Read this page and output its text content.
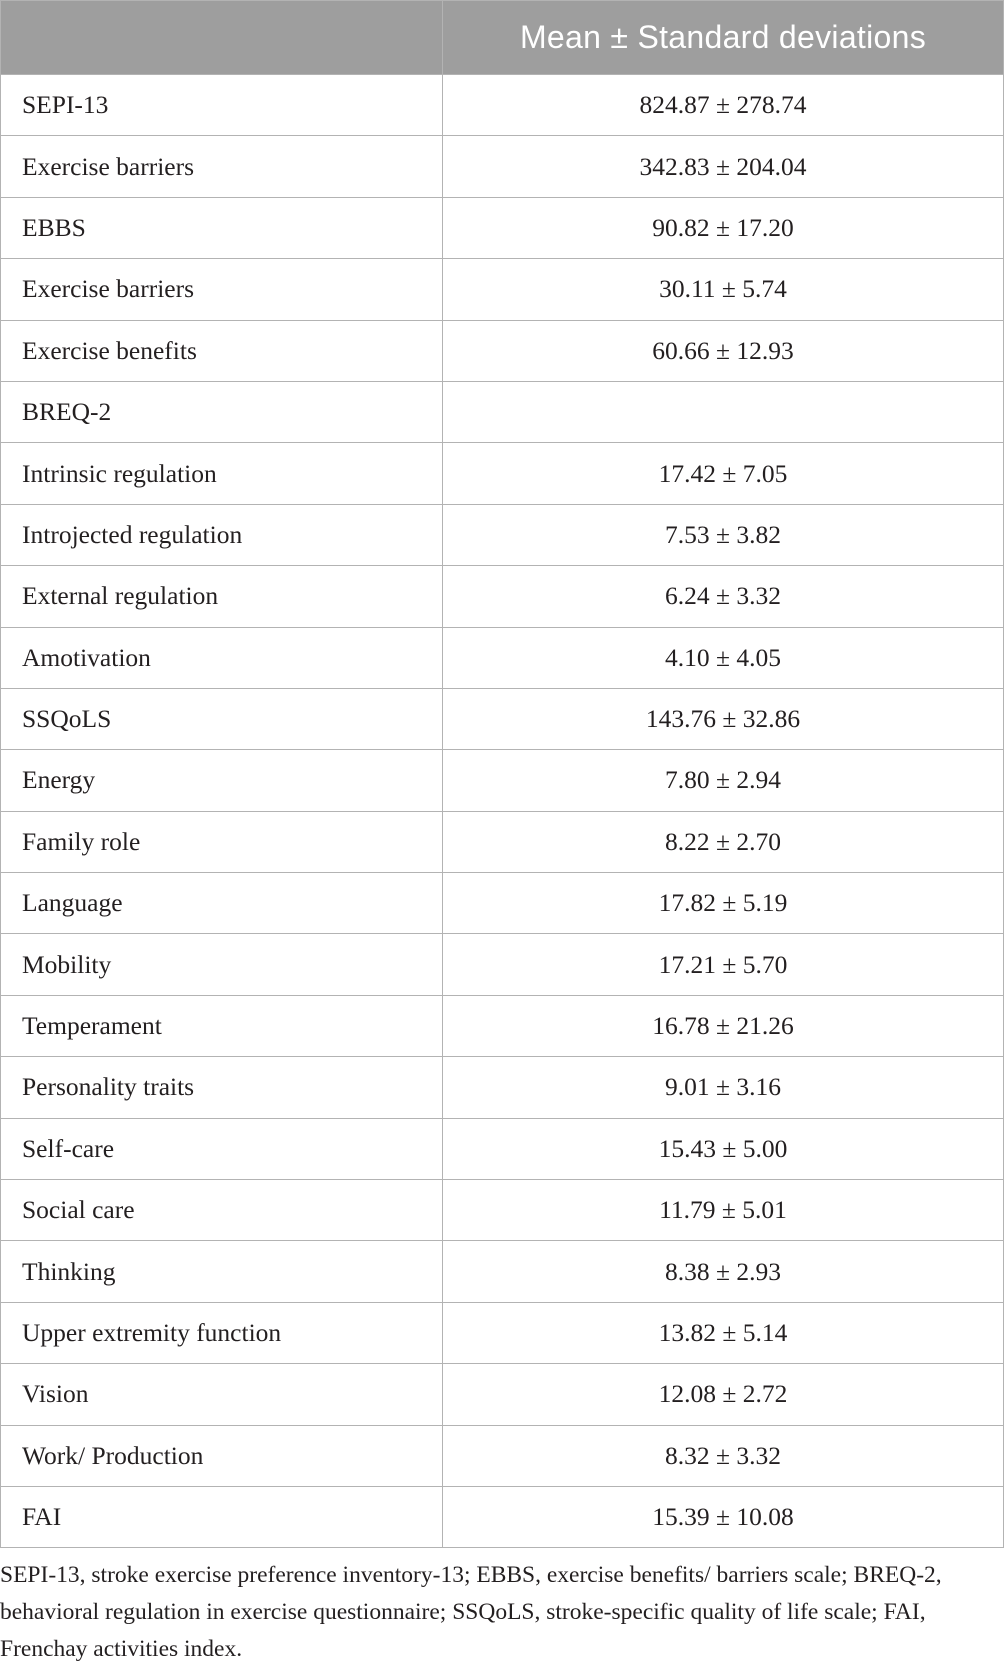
	Mean ± Standard deviations
SEPI-13	824.87 ± 278.74
Exercise barriers	342.83 ± 204.04
EBBS	90.82 ± 17.20
Exercise barriers	30.11 ± 5.74
Exercise benefits	60.66 ± 12.93
BREQ-2	
Intrinsic regulation	17.42 ± 7.05
Introjected regulation	7.53 ± 3.82
External regulation	6.24 ± 3.32
Amotivation	4.10 ± 4.05
SSQoLS	143.76 ± 32.86
Energy	7.80 ± 2.94
Family role	8.22 ± 2.70
Language	17.82 ± 5.19
Mobility	17.21 ± 5.70
Temperament	16.78 ± 21.26
Personality traits	9.01 ± 3.16
Self-care	15.43 ± 5.00
Social care	11.79 ± 5.01
Thinking	8.38 ± 2.93
Upper extremity function	13.82 ± 5.14
Vision	12.08 ± 2.72
Work/ Production	8.32 ± 3.32
FAI	15.39 ± 10.08
SEPI-13, stroke exercise preference inventory-13; EBBS, exercise benefits/ barriers scale; BREQ-2, behavioral regulation in exercise questionnaire; SSQoLS, stroke-specific quality of life scale; FAI, Frenchay activities index.
